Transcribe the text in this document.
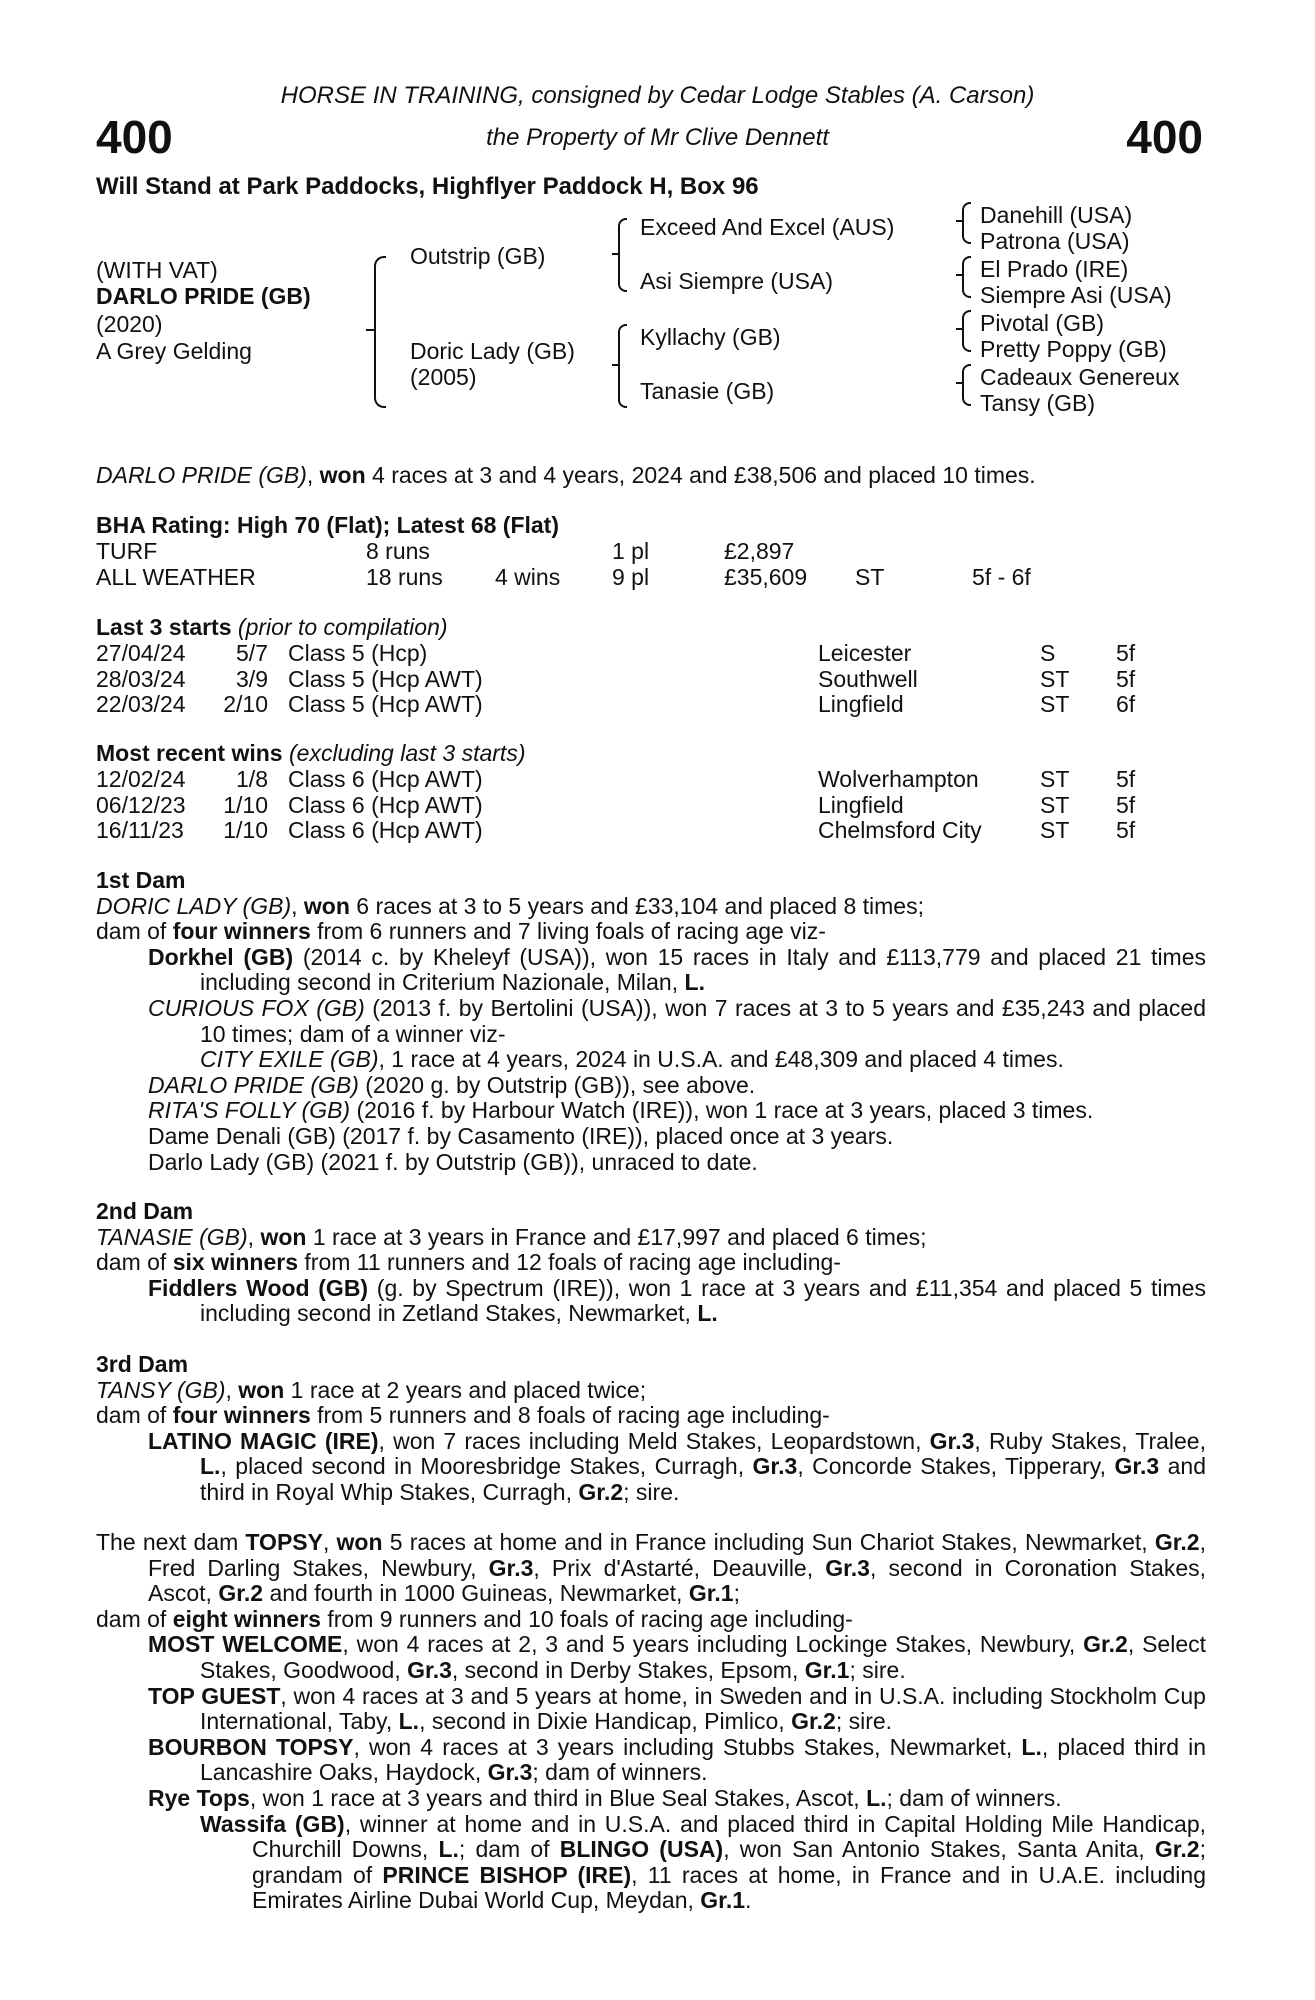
400	400
HORSE IN TRAINING, consigned by Cedar Lodge Stables (A. Carson)
the Property of Mr Clive Dennett
Will Stand at Park Paddocks, Highflyer Paddock H, Box 96
(WITH VAT)
DARLO PRIDE (GB)
(2020)
A Grey Gelding
Outstrip (GB)
Doric Lady (GB)
(2005)
Exceed And Excel (AUS)
Asi Siempre (USA)
Kyllachy (GB)
Tanasie (GB)
Danehill (USA)
Patrona (USA)
El Prado (IRE)
Siempre Asi (USA)
Pivotal (GB)
Pretty Poppy (GB)
Cadeaux Genereux
Tansy (GB)
DARLO PRIDE (GB), won 4 races at 3 and 4 years, 2024 and £38,506 and placed 10 times.
BHA Rating: High 70 (Flat); Latest 68 (Flat)
TURF	8 runs	1 pl	£2,897
ALL WEATHER	18 runs 4 wins 9 pl	£35,609 ST	5f - 6f
Last 3 starts (prior to compilation)
27/04/24	5/7 Class 5 (Hcp)	Leicester	S	5f
28/03/24	3/9 Class 5 (Hcp AWT)	Southwell	ST 5f
22/03/24 2/10 Class 5 (Hcp AWT)	Lingfield	ST 6f
Most recent wins (excluding last 3 starts)
12/02/24	1/8 Class 6 (Hcp AWT)	Wolverhampton	ST 5f
06/12/23 1/10 Class 6 (Hcp AWT)	Lingfield	ST 5f
16/11/23 1/10 Class 6 (Hcp AWT)	Chelmsford City	ST 5f

1st Dam

DORIC LADY (GB), won 6 races at 3 to 5 years and £33,104 and placed 8 times;

dam of four winners from 6 runners and 7 living foals of racing age viz-

Dorkhel (GB) (2014 c. by Kheleyf (USA)), won 15 races in Italy and £113,779 and placed 21 times including second in Criterium Nazionale, Milan, L.

CURIOUS FOX (GB) (2013 f. by Bertolini (USA)), won 7 races at 3 to 5 years and £35,243 and placed 10 times; dam of a winner viz-

CITY EXILE (GB), 1 race at 4 years, 2024 in U.S.A. and £48,309 and placed 4 times.

DARLO PRIDE (GB) (2020 g. by Outstrip (GB)), see above.

RITA'S FOLLY (GB) (2016 f. by Harbour Watch (IRE)), won 1 race at 3 years, placed 3 times.

Dame Denali (GB) (2017 f. by Casamento (IRE)), placed once at 3 years.

Darlo Lady (GB) (2021 f. by Outstrip (GB)), unraced to date.

2nd Dam

TANASIE (GB), won 1 race at 3 years in France and £17,997 and placed 6 times;

dam of six winners from 11 runners and 12 foals of racing age including-

Fiddlers Wood (GB) (g. by Spectrum (IRE)), won 1 race at 3 years and £11,354 and placed 5 times including second in Zetland Stakes, Newmarket, L.

3rd Dam

TANSY (GB), won 1 race at 2 years and placed twice;

dam of four winners from 5 runners and 8 foals of racing age including-

LATINO MAGIC (IRE), won 7 races including Meld Stakes, Leopardstown, Gr.3, Ruby Stakes, Tralee, L., placed second in Mooresbridge Stakes, Curragh, Gr.3, Concorde Stakes, Tipperary, Gr.3 and third in Royal Whip Stakes, Curragh, Gr.2; sire.

The next dam TOPSY, won 5 races at home and in France including Sun Chariot Stakes, Newmarket, Gr.2, Fred Darling Stakes, Newbury, Gr.3, Prix d'Astarté, Deauville, Gr.3, second in Coronation Stakes, Ascot, Gr.2 and fourth in 1000 Guineas, Newmarket, Gr.1;

dam of eight winners from 9 runners and 10 foals of racing age including-

MOST WELCOME, won 4 races at 2, 3 and 5 years including Lockinge Stakes, Newbury, Gr.2, Select Stakes, Goodwood, Gr.3, second in Derby Stakes, Epsom, Gr.1; sire.

TOP GUEST, won 4 races at 3 and 5 years at home, in Sweden and in U.S.A. including Stockholm Cup International, Taby, L., second in Dixie Handicap, Pimlico, Gr.2; sire.

BOURBON TOPSY, won 4 races at 3 years including Stubbs Stakes, Newmarket, L., placed third in Lancashire Oaks, Haydock, Gr.3; dam of winners.

Rye Tops, won 1 race at 3 years and third in Blue Seal Stakes, Ascot, L.; dam of winners.

Wassifa (GB), winner at home and in U.S.A. and placed third in Capital Holding Mile Handicap, Churchill Downs, L.; dam of BLINGO (USA), won San Antonio Stakes, Santa Anita, Gr.2; grandam of PRINCE BISHOP (IRE), 11 races at home, in France and in U.A.E. including Emirates Airline Dubai World Cup, Meydan, Gr.1.
